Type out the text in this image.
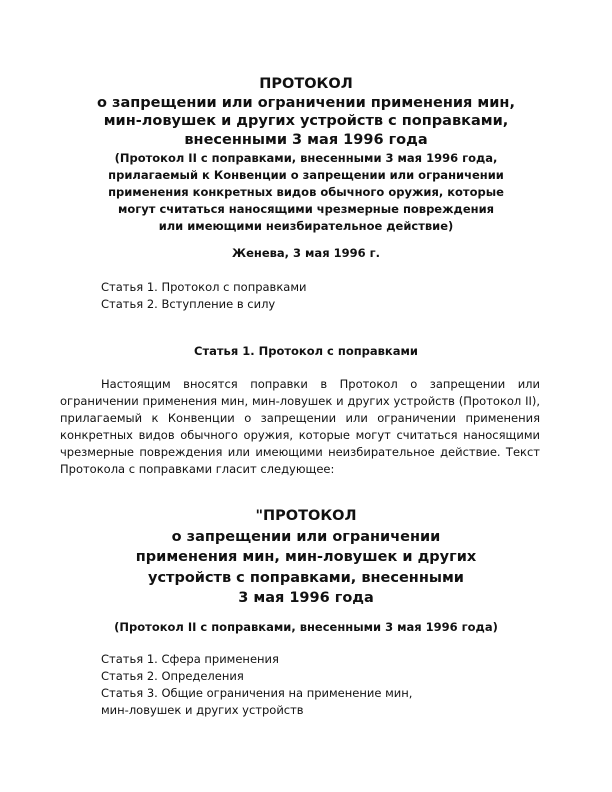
ПРОТОКОЛ
о запрещении или ограничении применения мин,
мин-ловушек и других устройств с поправками,
внесенными 3 мая 1996 года
(Протокол II с поправками, внесенными 3 мая 1996 года,
прилагаемый к Конвенции о запрещении или ограничении
применения конкретных видов обычного оружия, которые
могут считаться наносящими чрезмерные повреждения
или имеющими неизбирательное действие)
Женева, 3 мая 1996 г.
Статья 1. Протокол с поправками
Статья 2. Вступление в силу
Статья 1. Протокол с поправками
Настоящим вносятся поправки в Протокол о запрещении или
ограничении применения мин, мин-ловушек и других устройств (Протокол II),
прилагаемый к Конвенции о запрещении или ограничении применения
конкретных видов обычного оружия, которые могут считаться наносящими
чрезмерные повреждения или имеющими неизбирательное действие. Текст
Протокола с поправками гласит следующее:
"ПРОТОКОЛ
о запрещении или ограничении
применения мин, мин-ловушек и других
устройств с поправками, внесенными
3 мая 1996 года
(Протокол II с поправками, внесенными 3 мая 1996 года)
Статья 1. Сфера применения
Статья 2. Определения
Статья 3. Общие ограничения на применение мин,
мин-ловушек и других устройств
